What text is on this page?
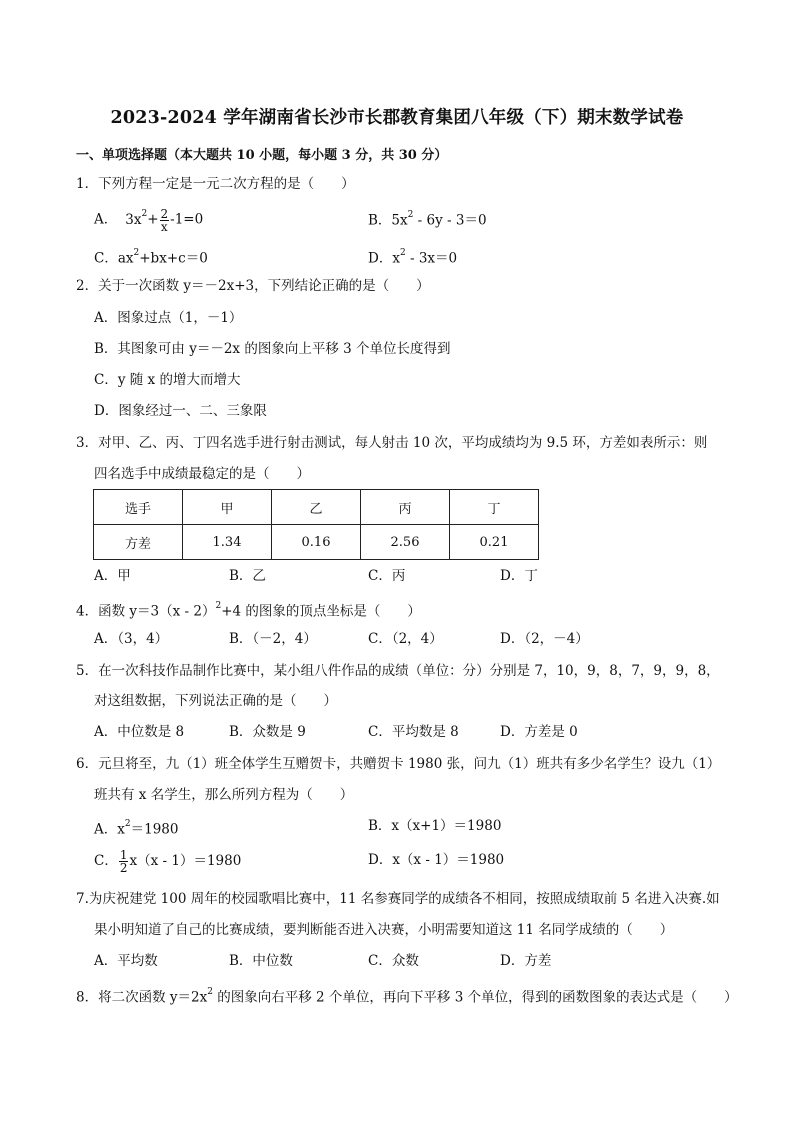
2023-2024 学年湖南省长沙市长郡教育集团八年级（下）期末数学试卷
一、单项选择题（本大题共 10 小题，每小题 3 分，共 30 分）
1．下列方程一定是一元二次方程的是（　　）
A． $3x^2+ \frac{2}{x} -1=0$	B．$5x^2 - 6y - 3=0$
C．$ax^2+bx+c=0$	D．$x^2 - 3x=0$
2．关于一次函数 y＝－2x+3，下列结论正确的是（　　）
A．图象过点（1，－1）
B．其图象可由 y＝－2x 的图象向上平移 3 个单位长度得到
C．y 随 x 的增大而增大
D．图象经过一、二、三象限
3．对甲、乙、丙、丁四名选手进行射击测试，每人射击 10 次，平均成绩均为 9.5 环，方差如表所示：则
四名选手中成绩最稳定的是（　　）
选手	甲	乙	丙	丁
方差	1.34	0.16	2.56	0.21
A．甲	B．乙	C．丙	D．丁
4．函数 y＝3（x - 2）$^2$+4 的图象的顶点坐标是（　　）
A．（3，4）	B．（－2，4）	C．（2，4）	D．（2，－4）
5．在一次科技作品制作比赛中，某小组八件作品的成绩（单位：分）分别是 7，10，9，8，7，9，9，8，
对这组数据，下列说法正确的是（　　）
A．中位数是 8	B．众数是 9	C．平均数是 8	D．方差是 0
6．元旦将至，九（1）班全体学生互赠贺卡，共赠贺卡 1980 张，问九（1）班共有多少名学生？设九（1）
班共有 x 名学生，那么所列方程为（　　）
A．$x^2=1980$	B．x（x+1）＝1980
C． $\frac{1}{2} x(x - 1)=1980$	D．x（x - 1）＝1980
7.为庆祝建党 100 周年的校园歌唱比赛中，11 名参赛同学的成绩各不相同，按照成绩取前 5 名进入决赛.如
果小明知道了自己的比赛成绩，要判断能否进入决赛，小明需要知道这 11 名同学成绩的（　　）
A．平均数	B．中位数	C．众数	D．方差
8．将二次函数 $y=2x^2$ 的图象向右平移 2 个单位，再向下平移 3 个单位，得到的函数图象的表达式是（　　）
